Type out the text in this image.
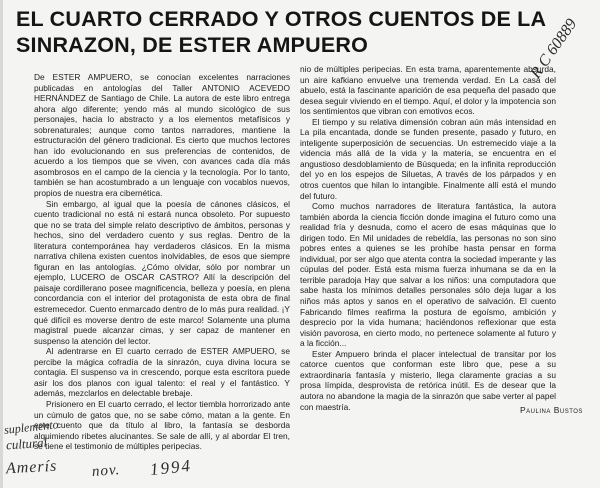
EL CUARTO CERRADO Y OTROS CUENTOS DE LA SINRAZON, DE ESTER AMPUERO

De ESTER AMPUERO, se conocían excelentes narraciones publicadas en antologías del Taller ANTONIO ACEVEDO HERNÁNDEZ de Santiago de Chile. La autora de este libro entrega ahora algo diferente; yendo más al mundo sicológico de sus personajes, hacia lo abstracto y a los elementos metafísicos y sobrenaturales; aunque como tantos narradores, mantiene la estructuración del género tradicional. Es cierto que muchos lectores han ido evolucionando en sus preferencias de contenidos, de acuerdo a los tiempos que se viven, con avances cada día más asombrosos en el campo de la ciencia y la tecnología. Por lo tanto, también se han acostumbrado a un lenguaje con vocablos nuevos, propios de nuestra era cibernética.

Sin embargo, al igual que la poesía de cánones clásicos, el cuento tradicional no está ni estará nunca obsoleto. Por supuesto que no se trata del simple relato descriptivo de ámbitos, personas y hechos, sino del verdadero cuento y sus reglas. Dentro de la literatura contemporánea hay verdaderos clásicos. En la misma narrativa chilena existen cuentos inolvidables, de esos que siempre figuran en las antologías. ¿Cómo olvidar, sólo por nombrar un ejemplo, LUCERO de OSCAR CASTRO? Allí la descripción del paisaje cordillerano posee magnificencia, belleza y poesía, en plena concordancia con el interior del protagonista de esta obra de final estremecedor. Cuento enmarcado dentro de lo más pura realidad. ¡Y qué difícil es moverse dentro de este marco! Solamente una pluma magistral puede alcanzar cimas, y ser capaz de mantener en suspenso la atención del lector.

Al adentrarse en El cuarto cerrado de ESTER AMPUERO, se percibe la mágica cofradía de la sinrazón, cuya divina locura se contagia. El suspenso va in crescendo, porque esta escritora puede asir los dos planos con igual talento: el real y el fantástico. Y además, mezclarlos en delectable brebaje.

Prisionero en El cuarto cerrado, el lector tiembla horrorizado ante un cúmulo de gatos que, no se sabe cómo, matan a la gente. En este cuento que da título al libro, la fantasía se desborda alquimiendo ribetes alucinantes. Se sale de allí, y al abordar El tren, se tiene el testimonio de múltiples peripecias.

nio de múltiples peripecias. En esta trama, aparentemente absurda, un aire kafkiano envuelve una tremenda verdad. En La casa del abuelo, está la fascinante aparición de esa pequeña del pasado que desea seguir viviendo en el tiempo. Aquí, el dolor y la impotencia son los sentimientos que vibran con emotivos ecos.

El tiempo y su relativa dimensión cobran aún más intensidad en La pila encantada, donde se funden presente, pasado y futuro, en inteligente superposición de secuencias. Un estremecido viaje a la videncia más allá de la vida y la materia, se encuentra en el angustioso desdoblamiento de Búsqueda; en la infinita reproducción del yo en los espejos de Siluetas, A través de los párpados y en otros cuentos que hilan lo intangible. Finalmente allí está el mundo del futuro.

Como muchos narradores de literatura fantástica, la autora también aborda la ciencia ficción donde imagina el futuro como una realidad fría y desnuda, como el acero de esas máquinas que lo dirigen todo. En Mil unidades de rebeldía, las personas no son sino pobres entes a quienes se les prohíbe hasta pensar en forma individual, por ser algo que atenta contra la sociedad imperante y las cúpulas del poder. Está esta misma fuerza inhumana se da en la terrible paradoja Hay que salvar a los niños: una computadora que sabe hasta los mínimos detalles personales sólo deja lugar a los niños más aptos y sanos en el operativo de salvación. El cuento Fabricando filmes reafirma la postura de egoísmo, ambición y desprecio por la vida humana; haciéndonos reflexionar que esta visión pavorosa, en cierto modo, no pertenece solamente al futuro y a la ficción...

Ester Ampuero brinda el placer intelectual de transitar por los catorce cuentos que conforman este libro que, pese a su extraordinaria fantasía y misterio, llega claramente gracias a su prosa límpida, desprovista de retórica inútil. Es de desear que la autora no abandone la magia de la sinrazón que sabe verter al papel con maestría.	Paulina Bustos
R C 60889
suplemento
cultural
Amerís nov. 1994
